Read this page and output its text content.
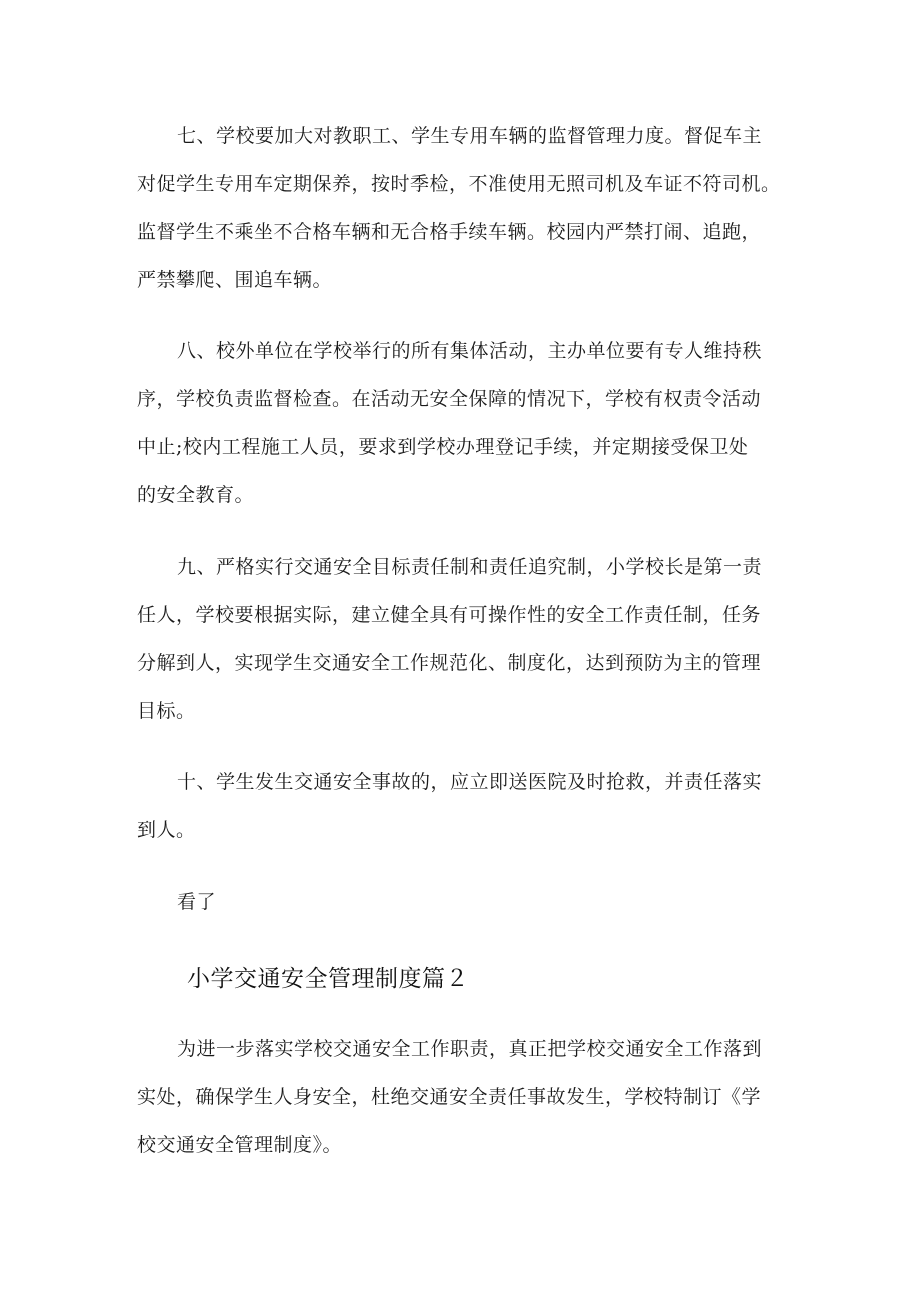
七、学校要加大对教职工、学生专用车辆的监督管理力度。督促车主
对促学生专用车定期保养，按时季检，不准使用无照司机及车证不符司机。
监督学生不乘坐不合格车辆和无合格手续车辆。校园内严禁打闹、追跑，
严禁攀爬、围追车辆。

八、校外单位在学校举行的所有集体活动，主办单位要有专人维持秩
序，学校负责监督检查。在活动无安全保障的情况下，学校有权责令活动
中止;校内工程施工人员，要求到学校办理登记手续，并定期接受保卫处
的安全教育。

九、严格实行交通安全目标责任制和责任追究制，小学校长是第一责
任人，学校要根据实际，建立健全具有可操作性的安全工作责任制，任务
分解到人，实现学生交通安全工作规范化、制度化，达到预防为主的管理
目标。

十、学生发生交通安全事故的，应立即送医院及时抢救，并责任落实
到人。

看了

小学交通安全管理制度篇２

为进一步落实学校交通安全工作职责，真正把学校交通安全工作落到
实处，确保学生人身安全，杜绝交通安全责任事故发生，学校特制订《学
校交通安全管理制度》。
